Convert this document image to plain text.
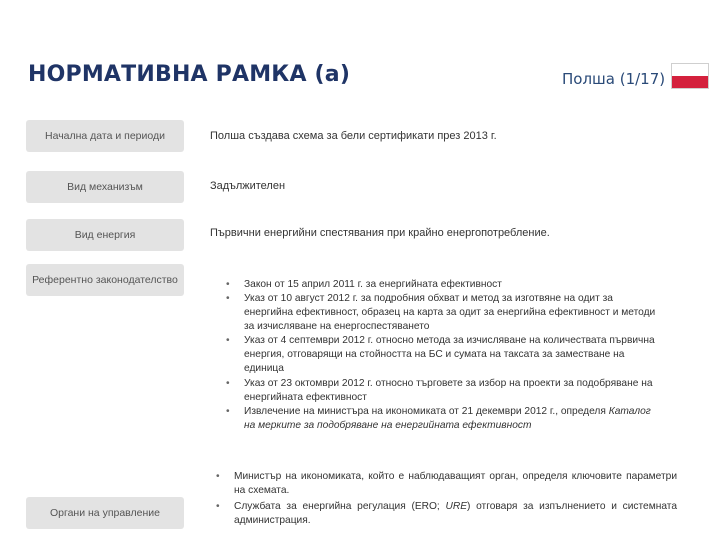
НОРМАТИВНА РАМКА (а)	Полша (1/17)
Начална дата и периоди	Полша създава схема за бели сертификати през 2013 г.
Вид механизъм	Задължителен
Вид енергия	Първични енергийни спестявания при крайно енергопотребление.
Референтно законодателство
•	Закон от 15 април 2011 г. за енергийната ефективност
• Указ от 10 август 2012 г. за подробния обхват и метод за изготвяне на одит за енергийна ефективност, образец на карта за одит за енергийна ефективност и методи за изчисляване на енергоспестяването
• Указ от 4 септември 2012 г. относно метода за изчисляване на количествата първична енергия, отговарящи на стойността на БС и сумата на таксата за заместване на единица
• Указ от 23 октомври 2012 г. относно търговете за избор на проекти за подобряване на енергийната ефективност
• Извлечение на министъра на икономиката от 21 декември 2012 г., определя Каталог на мерките за подобряване на енергийната ефективност
Органи на управление
• Министър на икономиката, който е наблюдаващият орган, определя ключовите параметри на схемата.
• Службата за енергийна регулация (ERO; URE) отговаря за изпълнението и системната администрация.
